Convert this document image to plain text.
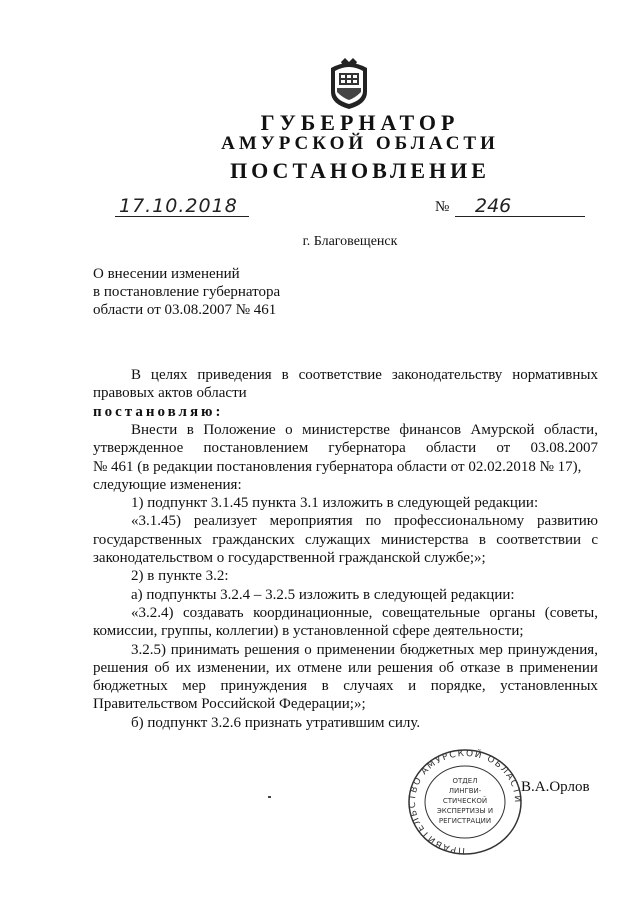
ГУБЕРНАТОР
АМУРСКОЙ ОБЛАСТИ
ПОСТАНОВЛЕНИЕ
17.10.2018	№	246
г. Благовещенск
О внесении изменений
в постановление губернатора
области от 03.08.2007 № 461
В целях приведения в соответствие законодательству нормативных
правовых актов области
постановляю:
Внести в Положение о министерстве финансов Амурской области,
утвержденное постановлением губернатора области от 03.08.2007
№ 461 (в редакции постановления губернатора области от 02.02.2018 № 17),
следующие изменения:
1) подпункт 3.1.45 пункта 3.1 изложить в следующей редакции:
«3.1.45) реализует мероприятия по профессиональному развитию
государственных гражданских служащих министерства в соответствии с
законодательством о государственной гражданской службе;»;
2) в пункте 3.2:
а) подпункты 3.2.4 – 3.2.5 изложить в следующей редакции:
«3.2.4) создавать координационные, совещательные органы (советы,
комиссии, группы, коллегии) в установленной сфере деятельности;
3.2.5) принимать решения о применении бюджетных мер принуждения,
решения об их изменении, их отмене или решения об отказе в применении
бюджетных мер принуждения в случаях и порядке, установленных
Правительством Российской Федерации;»;
б) подпункт 3.2.6 признать утратившим силу.
ПРАВИТЕЛЬСТВО АМУРСКОЙ ОБЛАСТИ
ОТДЕЛ
ЛИНГВИ-
СТИЧЕСКОЙ
ЭКСПЕРТИЗЫ И
РЕГИСТРАЦИИ
В.А.Орлов
